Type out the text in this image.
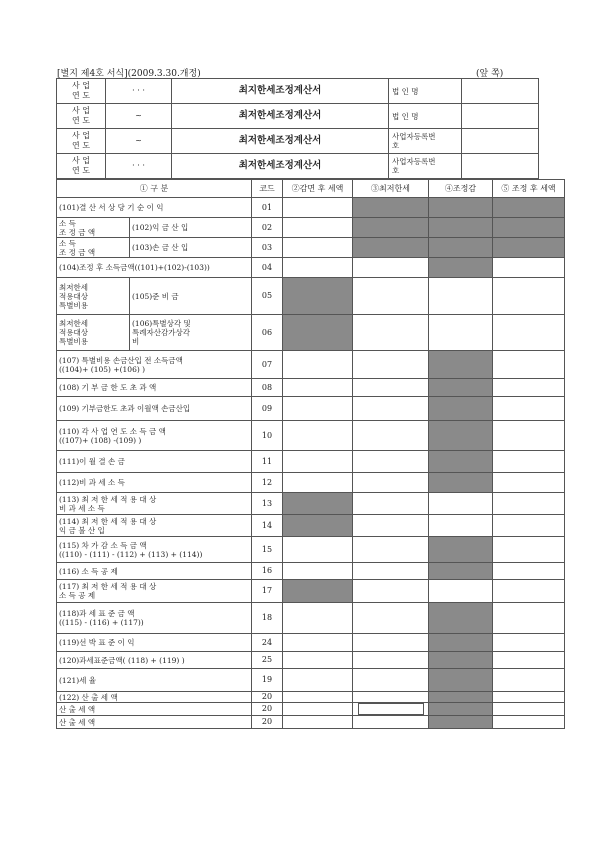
[별지 제4호 서식](2009.3.30.개정)	(앞 쪽)
사 업
연 도	· · ·	최지한세조정계산서	법 인 명	
사 업
연 도	~	최저한세조정계산서	법 인 명	
사 업
연 도	~	최저한세조정계산서	사업자등록번
호	
사 업
연 도	· · ·	최저한세조정계산서	사업자등록번
호	
① 구 분		코드	②감면 후 세액	③최저한세	④조정감	⑤ 조정 후 세액
(101)결 산 서 상 당 기 순 이 익		01				
소 득
조 정 금 액	(102)익 금 산 입	02				
소 득
조 정 금 액	(103)손 금 산 입	03				
(104)조정 후 소득금액((101)+(102)-(103))		04				
최저한세
적용대상
특별비용	(105)준 비 금	05				
최저한세
적용대상
특별비용	(106)특별상각 및
특례자산감가상각
비	06				
(107) 특별비용 손금산입 전 소득금액
((104)+ (105) +(106) )		07				
(108) 기 부 금 한 도 초 과 액		08				
(109) 기부금한도 초과 이월액 손금산입		09				
(110) 각 사 업 연 도 소 득 금 액
((107)+ (108) -(109) )		10				
(111)이 월 결 손 금		11				
(112)비 과 세 소 득		12				
(113) 최 저 한 세 적 용 대 상
비 과 세 소 득		13				
(114) 최 저 한 세 적 용 대 상
익 금 불 산 입		14				
(115) 차 가 감 소 득 금 액
((110) - (111) - (112) + (113) + (114))		15				
(116) 소 득 공 제		16				
(117) 최 저 한 세 적 용 대 상
소 득 공 제		17				
(118)과 세 표 준 금 액
((115) - (116) + (117))		18				
(119)선 박 표 준 이 익		24				
(120)과세표준금액( (118) + (119) )		25				
(121)세 율		19				
(122) 산 출 세 액		20				
산 출 세 액		20		

산 출 세 액		20				
